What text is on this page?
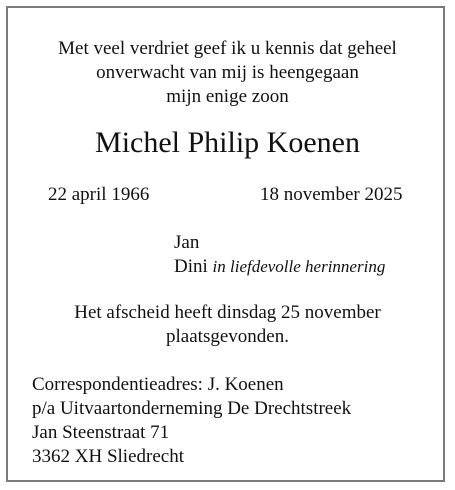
Met veel verdriet geef ik u kennis dat geheel
onverwacht van mij is heengegaan
mijn enige zoon
Michel Philip Koenen
22 april 1966	18 november 2025
Jan
Dini in liefdevolle herinnering
Het afscheid heeft dinsdag 25 november
plaatsgevonden.
Correspondentieadres: J. Koenen
p/a Uitvaartonderneming De Drechtstreek
Jan Steenstraat 71
3362 XH Sliedrecht
